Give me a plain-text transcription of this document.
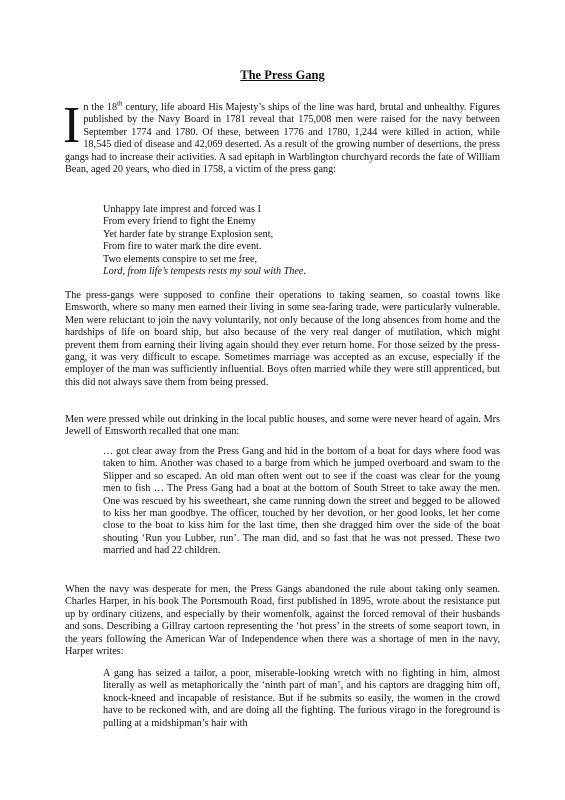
The Press Gang
In the 18th century, life aboard His Majesty’s ships of the line was hard, brutal and unhealthy. Figures published by the Navy Board in 1781 reveal that 175,008 men were raised for the navy between September 1774 and 1780. Of these, between 1776 and 1780, 1,244 were killed in action, while 18,545 died of disease and 42,069 deserted. As a result of the growing number of desertions, the press gangs had to increase their activities. A sad epitaph in Warblington churchyard records the fate of William Bean, aged 20 years, who died in 1758, a victim of the press gang:
Unhappy late imprest and forced was I
From every friend to fight the Enemy
Yet harder fate by strange Explosion sent,
From fire to water mark the dire event.
Two elements conspire to set me free,
Lord, from life’s tempests rests my soul with Thee.
The press-gangs were supposed to confine their operations to taking seamen, so coastal towns like Emsworth, where so many men earned their living in some sea-faring trade, were particularly vulnerable. Men were reluctant to join the navy voluntarily, not only because of the long absences from home and the hardships of life on board ship, but also because of the very real danger of mutilation, which might prevent them from earning their living again should they ever return home. For those seized by the press-gang, it was very difficult to escape. Sometimes marriage was accepted as an excuse, especially if the employer of the man was sufficiently influential. Boys often married while they were still apprenticed, but this did not always save them from being pressed.
Men were pressed while out drinking in the local public houses, and some were never heard of again. Mrs Jewell of Emsworth recalled that one man:
… got clear away from the Press Gang and hid in the bottom of a boat for days where food was taken to him. Another was chased to a barge from which he jumped overboard and swam to the Slipper and so escaped. An old man often went out to see if the coast was clear for the young men to fish … The Press Gang had a boat at the bottom of South Street to take away the men. One was rescued by his sweetheart, she came running down the street and begged to be allowed to kiss her man goodbye. The officer, touched by her devotion, or her good looks, let her come close to the boat to kiss him for the last time, then she dragged him over the side of the boat shouting ‘Run you Lubber, run’. The man did, and so fast that he was not pressed. These two married and had 22 children.
When the navy was desperate for men, the Press Gangs abandoned the rule about taking only seamen. Charles Harper, in his book The Portsmouth Road, first published in 1895, wrote about the resistance put up by ordinary citizens, and especially by their womenfolk, against the forced removal of their husbands and sons. Describing a Gillray cartoon representing the ‘hot press’ in the streets of some seaport town, in the years following the American War of Independence when there was a shortage of men in the navy, Harper writes:
A gang has seized a tailor, a poor, miserable-looking wretch with no fighting in him, almost literally as well as metaphorically the ‘ninth part of man’, and his captors are dragging him off, knock-kneed and incapable of resistance. But if he submits so easily, the women in the crowd have to be reckoned with, and are doing all the fighting. The furious virago in the foreground is pulling at a midshipman’s hair with
